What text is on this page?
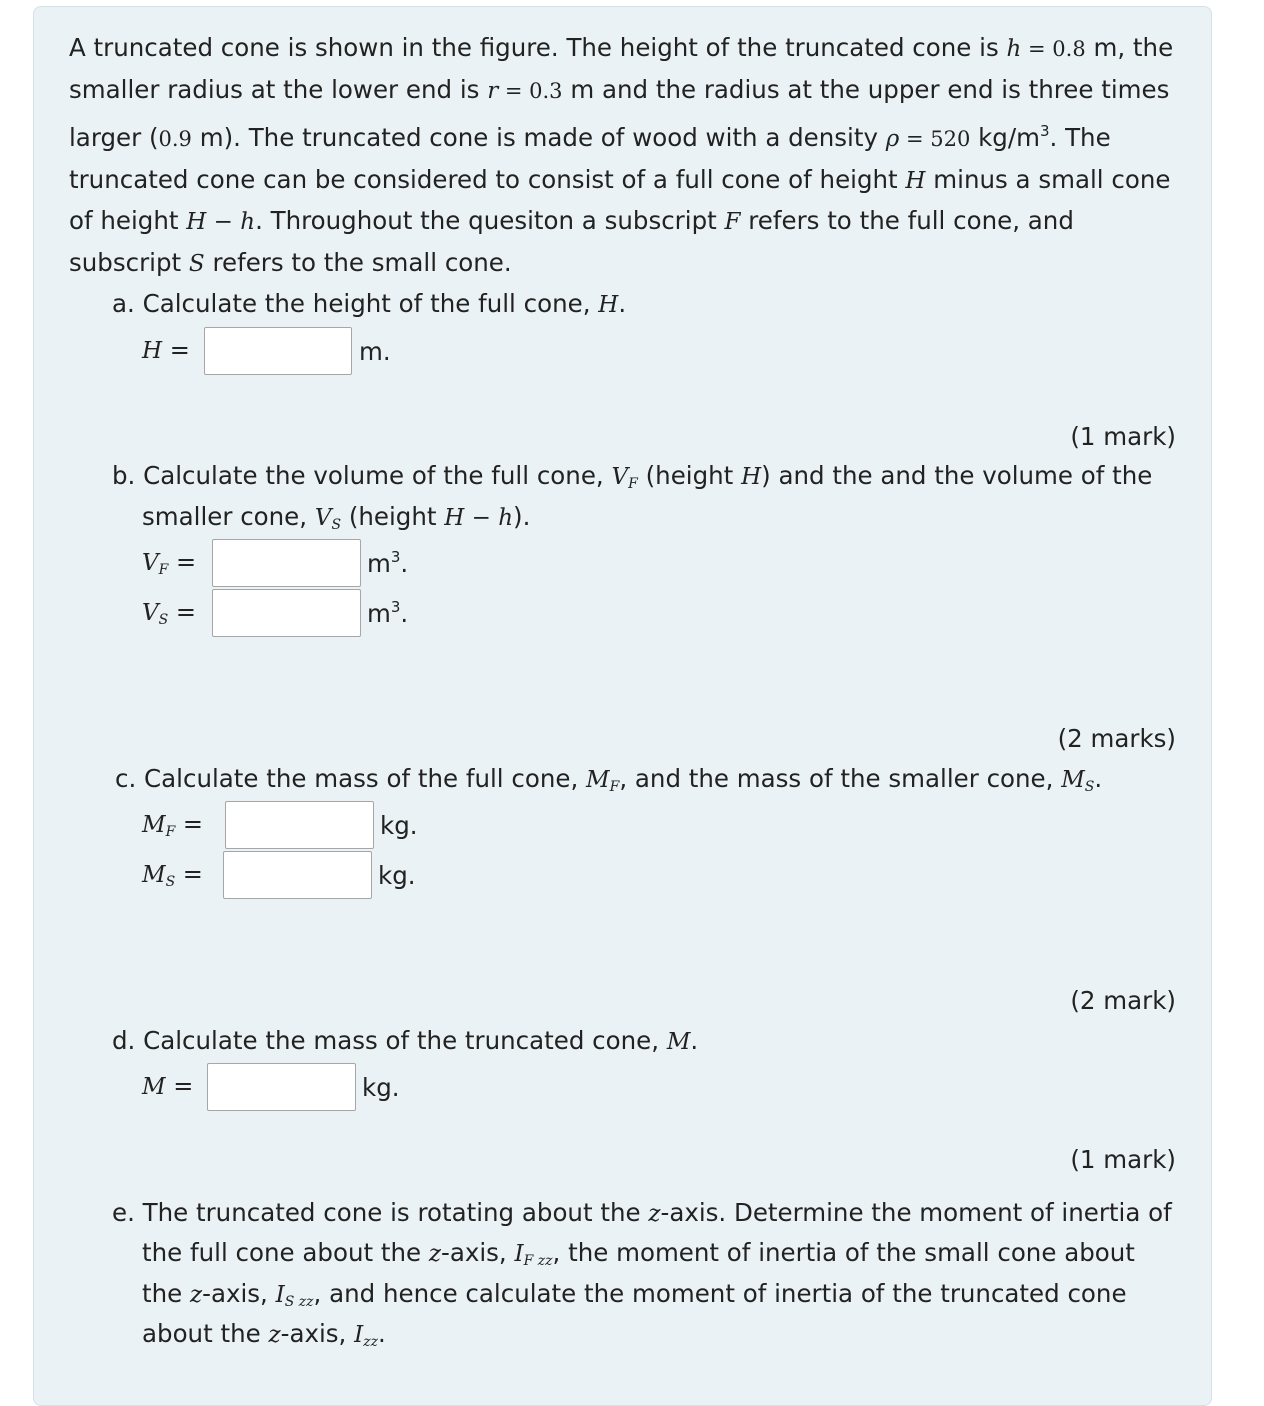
A truncated cone is shown in the figure. The height of the truncated cone is h = 0.8 m, the smaller radius at the lower end is r = 0.3 m and the radius at the upper end is three times larger (0.9 m). The truncated cone is made of wood with a density ρ = 520 $kg/m^3$. The truncated cone can be considered to consist of a full cone of height H minus a small cone of height H − h. Throughout the quesiton a subscript F refers to the full cone, and subscript S refers to the small cone.

a. Calculate the height of the full cone, H.
H =	m.
(1 mark)
b. Calculate the volume of the full cone, $V_F$ (height H) and the and the volume of the
smaller cone, $V_S$ (height H − h).
$V_F$ =	$m^3$.
$V_S$ =	$m^3$.
(2 marks)
c. Calculate the mass of the full cone, $M_F$, and the mass of the smaller cone, $M_S$.
$M_F$ =	kg.
$M_S$ =	kg.
(2 mark)
d. Calculate the mass of the truncated cone, M.
M =	kg.
(1 mark)
e. The truncated cone is rotating about the z-axis. Determine the moment of inertia of
the full cone about the z-axis, $I_{F zz}$, the moment of inertia of the small cone about
the z-axis, $I_{S zz}$, and hence calculate the moment of inertia of the truncated cone
about the z-axis, $I_{zz}$.
